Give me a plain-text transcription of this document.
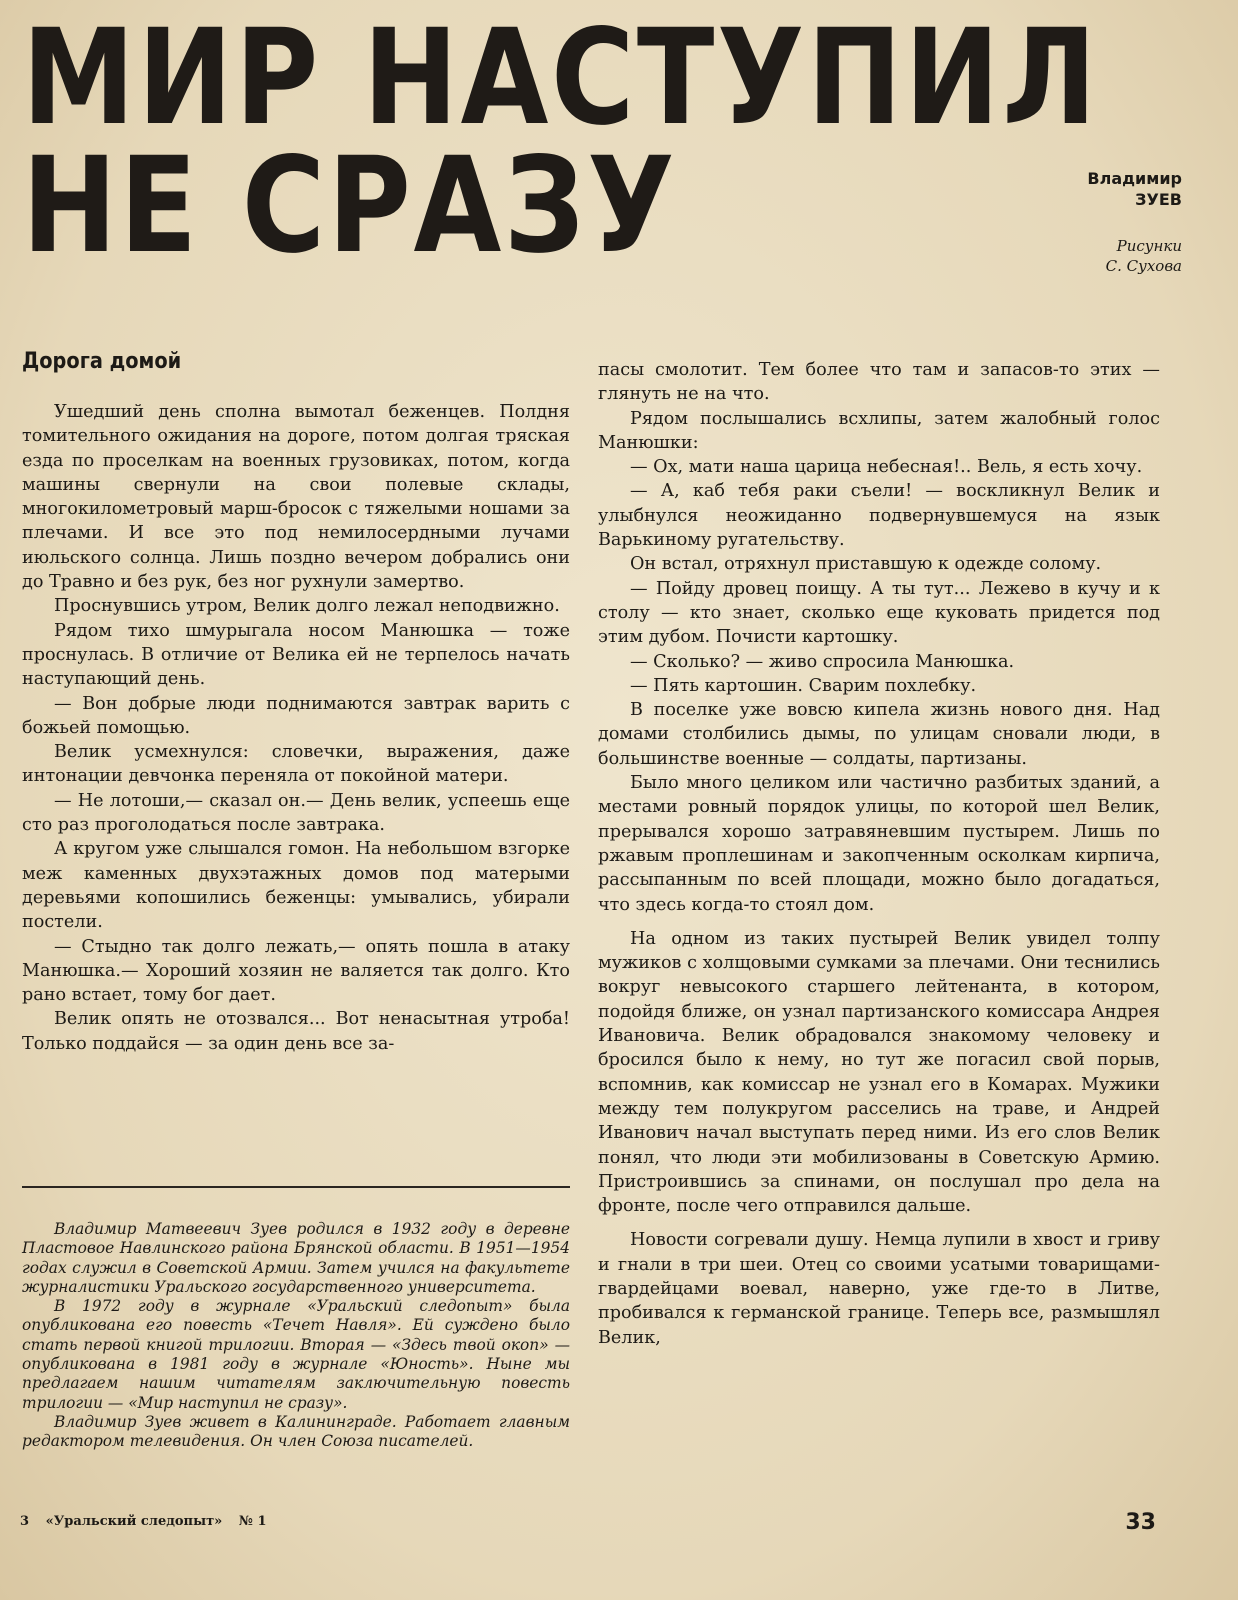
МИР НАСТУПИЛ
НЕ СРАЗУ	Владимир
ЗУЕВ
Рисунки
С. Сухова
Дорога домой

Ушедший день сполна вымотал беженцев. Полдня томительного ожидания на дороге, потом долгая тряская езда по проселкам на военных грузовиках, потом, когда машины свернули на свои полевые склады, многокилометровый марш-бросок с тяжелыми ношами за плечами. И все это под немилосердными лучами июльского солнца. Лишь поздно вечером добрались они до Травно и без рук, без ног рухнули замертво.

Проснувшись утром, Велик долго лежал неподвижно.

Рядом тихо шмурыгала носом Манюшка — тоже проснулась. В отличие от Велика ей не терпелось начать наступающий день.

— Вон добрые люди поднимаются завтрак варить с божьей помощью.

Велик усмехнулся: словечки, выражения, даже интонации девчонка переняла от покойной матери.

— Не лотоши,— сказал он.— День велик, успеешь еще сто раз проголодаться после завтрака.

А кругом уже слышался гомон. На небольшом взгорке меж каменных двухэтажных домов под матерыми деревьями копошились беженцы: умывались, убирали постели.

— Стыдно так долго лежать,— опять пошла в атаку Манюшка.— Хороший хозяин не валяется так долго. Кто рано встает, тому бог дает.

Велик опять не отозвался... Вот ненасытная утроба! Только поддайся — за один день все за-

Владимир Матвеевич Зуев родился в 1932 году в деревне Пластовое Навлинского района Брянской области. В 1951—1954 годах служил в Советской Армии. Затем учился на факультете журналистики Уральского государственного университета.

В 1972 году в журнале «Уральский следопыт» была опубликована его повесть «Течет Навля». Ей суждено было стать первой книгой трилогии. Вторая — «Здесь твой окоп» — опубликована в 1981 году в журнале «Юность». Ныне мы предлагаем нашим читателям заключительную повесть трилогии — «Мир наступил не сразу».

Владимир Зуев живет в Калининграде. Работает главным редактором телевидения. Он член Союза писателей.

пасы смолотит. Тем более что там и запасов-то этих — глянуть не на что.

Рядом послышались всхлипы, затем жалобный голос Манюшки:

— Ох, мати наша царица небесная!.. Вель, я есть хочу.

— А, каб тебя раки съели! — воскликнул Велик и улыбнулся неожиданно подвернувшемуся на язык Варькиному ругательству.

Он встал, отряхнул приставшую к одежде солому.

— Пойду дровец поищу. А ты тут... Лежево в кучу и к столу — кто знает, сколько еще куковать придется под этим дубом. Почисти картошку.

— Сколько? — живо спросила Манюшка.

— Пять картошин. Сварим похлебку.

В поселке уже вовсю кипела жизнь нового дня. Над домами столбились дымы, по улицам сновали люди, в большинстве военные — солдаты, партизаны.

Было много целиком или частично разбитых зданий, а местами ровный порядок улицы, по которой шел Велик, прерывался хорошо затравяневшим пустырем. Лишь по ржавым проплешинам и закопченным осколкам кирпича, рассыпанным по всей площади, можно было догадаться, что здесь когда-то стоял дом.

На одном из таких пустырей Велик увидел толпу мужиков с холщовыми сумками за плечами. Они теснились вокруг невысокого старшего лейтенанта, в котором, подойдя ближе, он узнал партизанского комиссара Андрея Ивановича. Велик обрадовался знакомому человеку и бросился было к нему, но тут же погасил свой порыв, вспомнив, как комиссар не узнал его в Комарах. Мужики между тем полукругом расселись на траве, и Андрей Иванович начал выступать перед ними. Из его слов Велик понял, что люди эти мобилизованы в Советскую Армию. Пристроившись за спинами, он послушал про дела на фронте, после чего отправился дальше.

Новости согревали душу. Немца лупили в хвост и гриву и гнали в три шеи. Отец со своими усатыми товарищами-гвардейцами воевал, наверно, уже где-то в Литве, пробивался к германской границе. Теперь все, размышлял Велик,

3 «Уральский следопыт» № 1	33
